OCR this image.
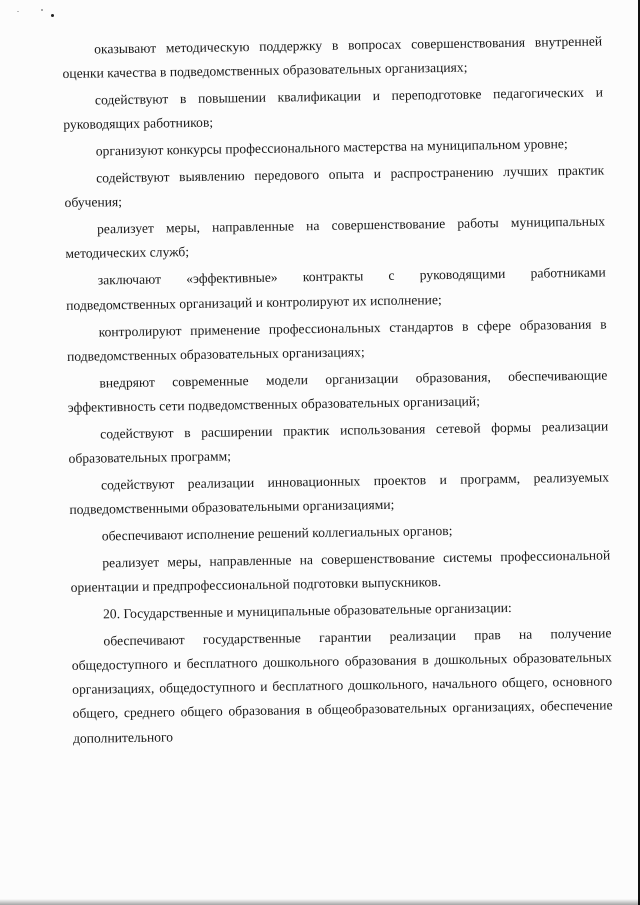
оказывают методическую поддержку в вопросах совершенствования внутренней оценки качества в подведомственных образовательных организациях;

содействуют в повышении квалификации и переподготовке педагогических и руководящих работников;

организуют конкурсы профессионального мастерства на муниципальном уровне;

содействуют выявлению передового опыта и распространению лучших практик обучения;

реализует меры, направленные на совершенствование работы муниципальных методических служб;

заключают «эффективные» контракты с руководящими работниками подведомственных организаций и контролируют их исполнение;

контролируют применение профессиональных стандартов в сфере образования в подведомственных образовательных организациях;

внедряют современные модели организации образования, обеспечивающие эффективность сети подведомственных образовательных организаций;

содействуют в расширении практик использования сетевой формы реализации образовательных программ;

содействуют реализации инновационных проектов и программ, реализуемых подведомственными образовательными организациями;

обеспечивают исполнение решений коллегиальных органов;

реализует меры, направленные на совершенствование системы профессиональной ориентации и предпрофессиональной подготовки выпускников.

20. Государственные и муниципальные образовательные организации:

обеспечивают государственные гарантии реализации прав на получение общедоступного и бесплатного дошкольного образования в дошкольных образовательных организациях, общедоступного и бесплатного дошкольного, начального общего, основного общего, среднего общего образования в общеобразовательных организациях, обеспечение дополнительного
